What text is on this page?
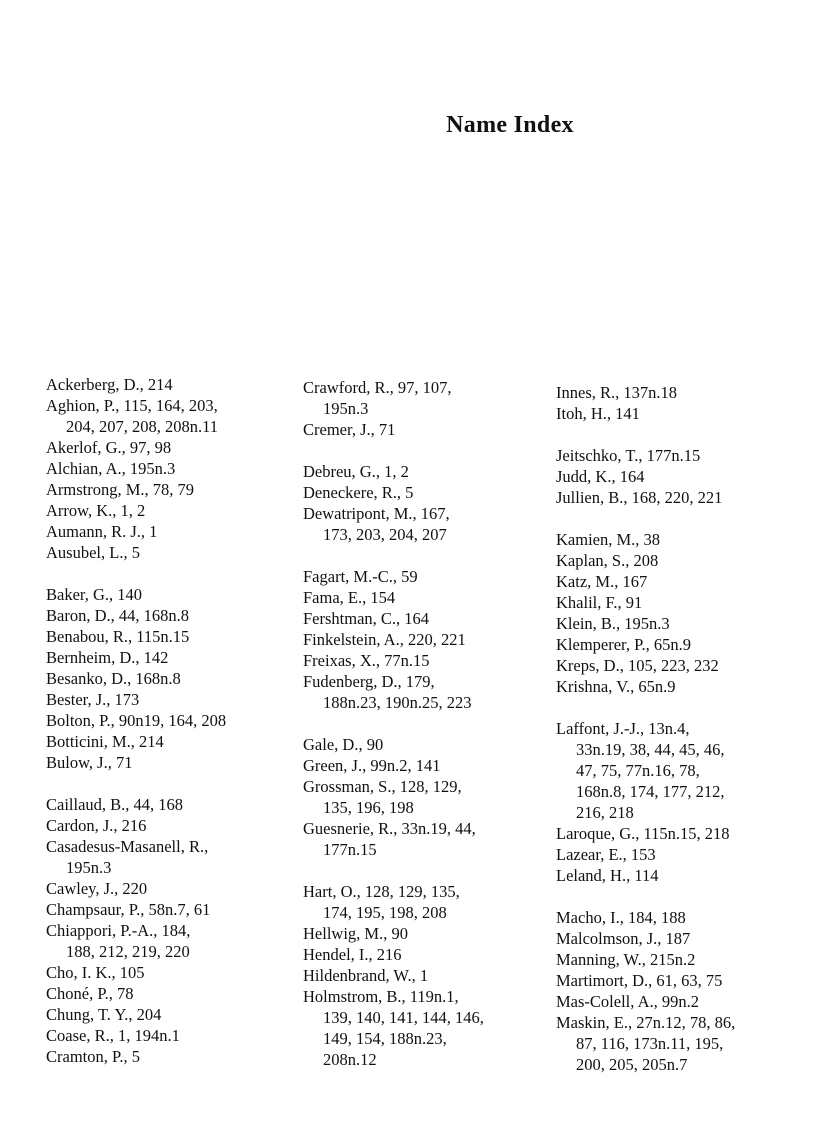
Name Index
Ackerberg, D., 214
Aghion, P., 115, 164, 203,
204, 207, 208, 208n.11
Akerlof, G., 97, 98
Alchian, A., 195n.3
Armstrong, M., 78, 79
Arrow, K., 1, 2
Aumann, R. J., 1
Ausubel, L., 5
Baker, G., 140
Baron, D., 44, 168n.8
Benabou, R., 115n.15
Bernheim, D., 142
Besanko, D., 168n.8
Bester, J., 173
Bolton, P., 90n19, 164, 208
Botticini, M., 214
Bulow, J., 71
Caillaud, B., 44, 168
Cardon, J., 216
Casadesus-Masanell, R.,
195n.3
Cawley, J., 220
Champsaur, P., 58n.7, 61
Chiappori, P.-A., 184,
188, 212, 219, 220
Cho, I. K., 105
Choné, P., 78
Chung, T. Y., 204
Coase, R., 1, 194n.1
Cramton, P., 5
Crawford, R., 97, 107,
195n.3
Cremer, J., 71
Debreu, G., 1, 2
Deneckere, R., 5
Dewatripont, M., 167,
173, 203, 204, 207
Fagart, M.-C., 59
Fama, E., 154
Fershtman, C., 164
Finkelstein, A., 220, 221
Freixas, X., 77n.15
Fudenberg, D., 179,
188n.23, 190n.25, 223
Gale, D., 90
Green, J., 99n.2, 141
Grossman, S., 128, 129,
135, 196, 198
Guesnerie, R., 33n.19, 44,
177n.15
Hart, O., 128, 129, 135,
174, 195, 198, 208
Hellwig, M., 90
Hendel, I., 216
Hildenbrand, W., 1
Holmstrom, B., 119n.1,
139, 140, 141, 144, 146,
149, 154, 188n.23,
208n.12
Innes, R., 137n.18
Itoh, H., 141
Jeitschko, T., 177n.15
Judd, K., 164
Jullien, B., 168, 220, 221
Kamien, M., 38
Kaplan, S., 208
Katz, M., 167
Khalil, F., 91
Klein, B., 195n.3
Klemperer, P., 65n.9
Kreps, D., 105, 223, 232
Krishna, V., 65n.9
Laffont, J.-J., 13n.4,
33n.19, 38, 44, 45, 46,
47, 75, 77n.16, 78,
168n.8, 174, 177, 212,
216, 218
Laroque, G., 115n.15, 218
Lazear, E., 153
Leland, H., 114
Macho, I., 184, 188
Malcolmson, J., 187
Manning, W., 215n.2
Martimort, D., 61, 63, 75
Mas-Colell, A., 99n.2
Maskin, E., 27n.12, 78, 86,
87, 116, 173n.11, 195,
200, 205, 205n.7
